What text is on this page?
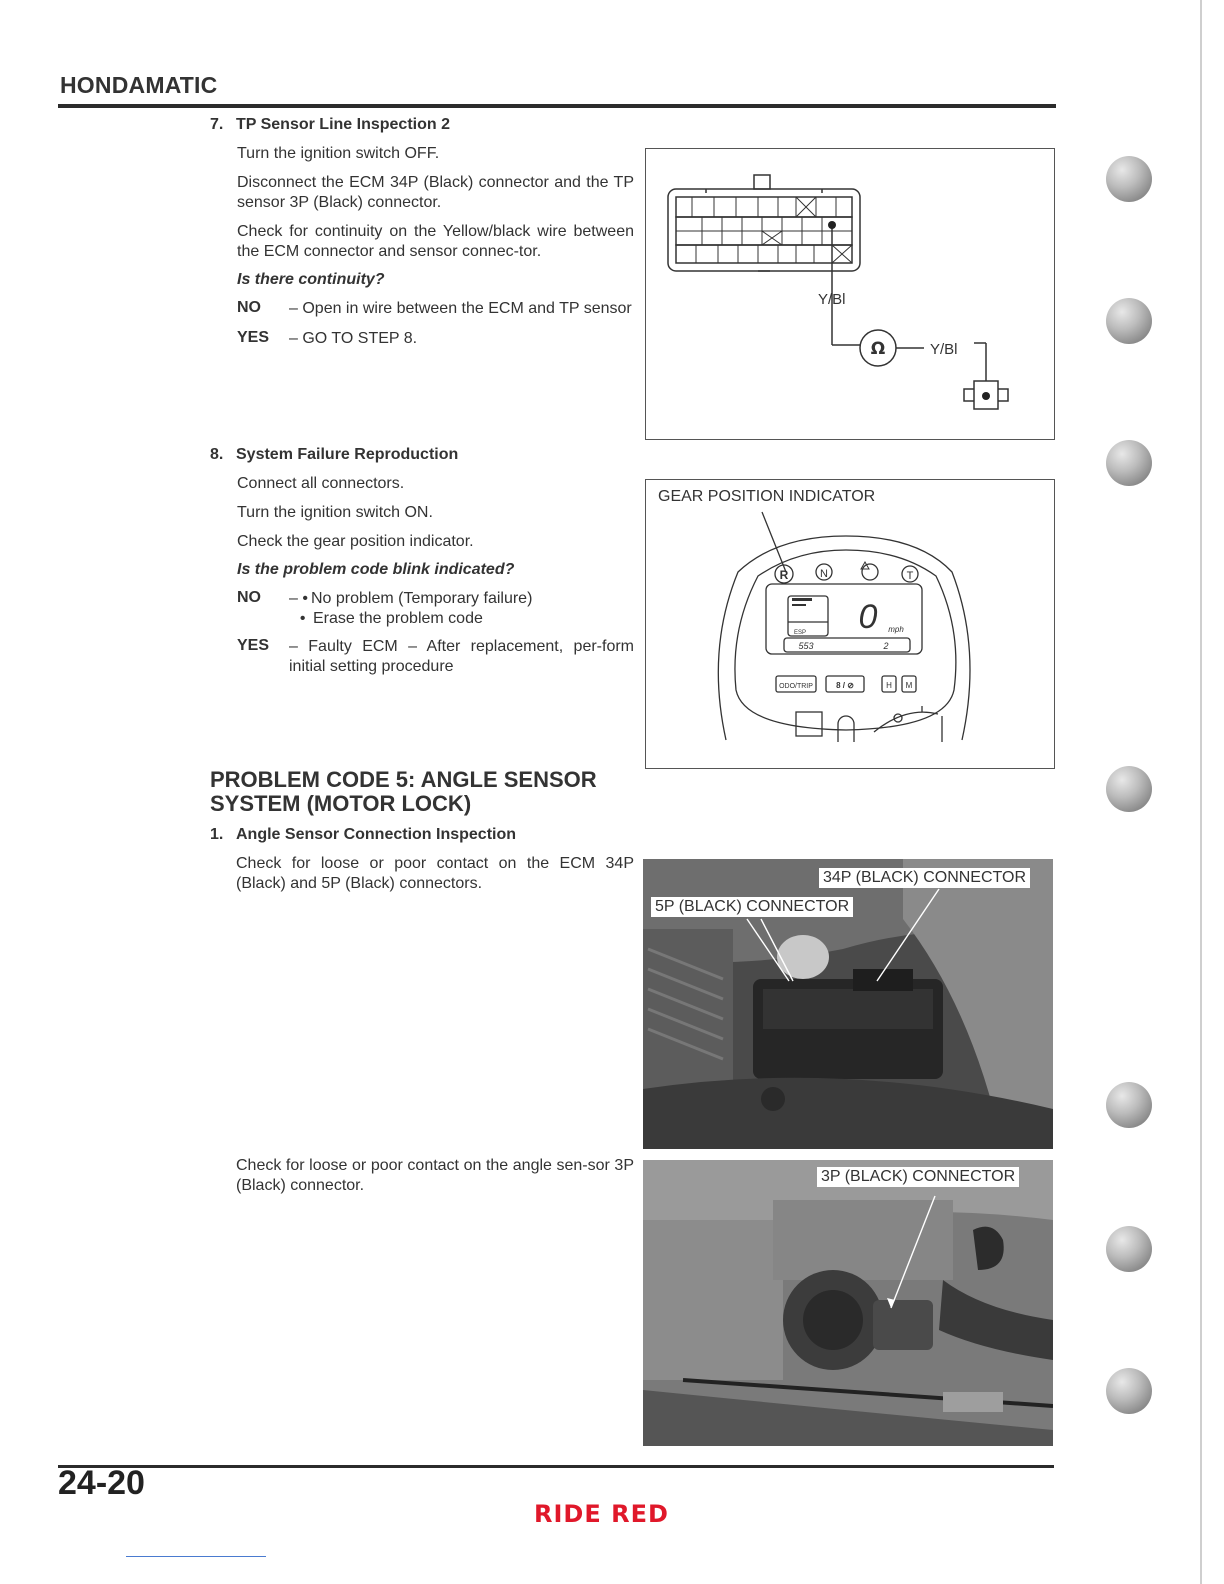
HONDAMATIC
7. TP Sensor Line Inspection 2
Turn the ignition switch OFF.
Disconnect the ECM 34P (Black) connector and the TP sensor 3P (Black) connector.
Check for continuity on the Yellow/black wire between the ECM connector and sensor connec-tor.
Is there continuity?
NO	– Open in wire between the ECM and TP sensor
YES	– GO TO STEP 8.
Y/Bl
Ω	Y/Bl
8. System Failure Reproduction
Connect all connectors.
Turn the ignition switch ON.
Check the gear position indicator.
Is the problem code blink indicated?
NO	– • No problem (Temporary failure)
• Erase the problem code
YES	– Faulty ECM – After replacement, per-form initial setting procedure
GEAR POSITION INDICATOR
R	N	T
0 mph
ESP
553	2
ODO/TRIP	8 / ⊘	H M
PROBLEM CODE 5: ANGLE SENSOR SYSTEM (MOTOR LOCK)
1. Angle Sensor Connection Inspection
Check for loose or poor contact on the ECM 34P (Black) and 5P (Black) connectors.
Check for loose or poor contact on the angle sen-sor 3P (Black) connector.
34P (BLACK) CONNECTOR
5P (BLACK) CONNECTOR
3P (BLACK) CONNECTOR
24-20
RIDE RED
